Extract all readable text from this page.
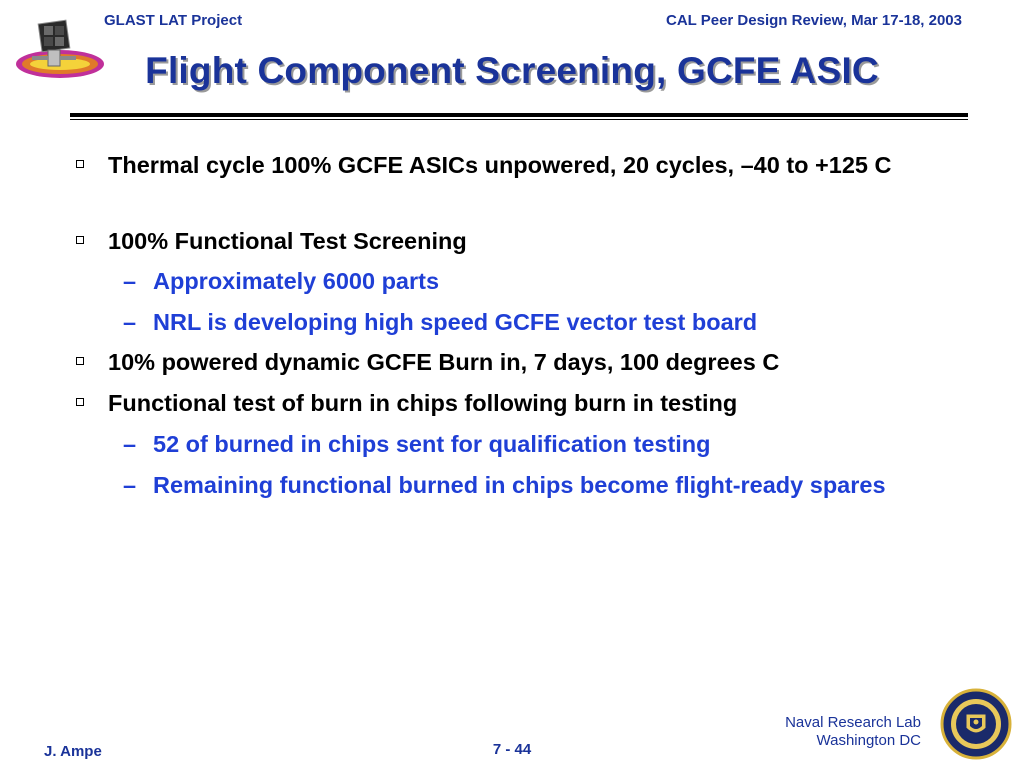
GLAST LAT Project	CAL Peer Design Review, Mar 17-18, 2003
Flight Component Screening, GCFE ASIC
Thermal cycle 100% GCFE ASICs unpowered, 20 cycles, –40 to +125 C
100% Functional Test Screening
– Approximately 6000 parts
– NRL is developing high speed GCFE vector test board
10% powered dynamic GCFE Burn in, 7 days, 100 degrees C
Functional test of burn in chips following burn in testing
– 52 of burned in chips sent for qualification testing
– Remaining functional burned in chips become flight-ready spares
J. Ampe	7 - 44
Naval Research Lab
Washington DC
